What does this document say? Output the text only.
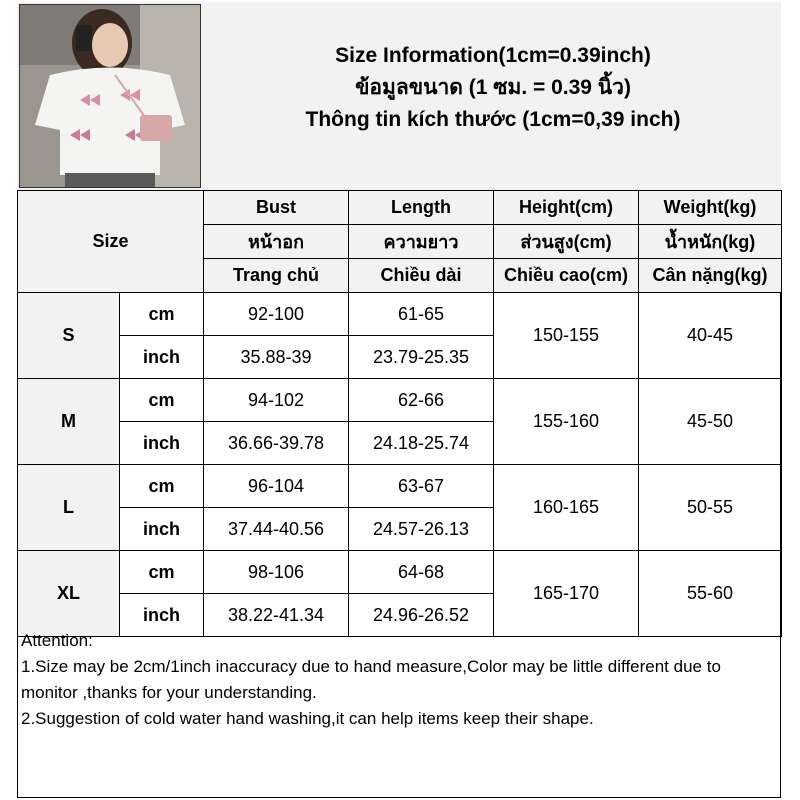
Size Information(1cm=0.39inch)
ข้อมูลขนาด (1 ซม. = 0.39 นิ้ว)
Thông tin kích thước (1cm=0,39 inch)
Size		Bust	Length	Height(cm)	Weight(kg)
		หน้าอก	ความยาว	ส่วนสูง(cm)	น้ำหนัก(kg)
		Trang chủ	Chiều dài	Chiều cao(cm)	Cân nặng(kg)
S	cm	92-100	61-65	150-155	40-45
	inch	35.88-39	23.79-25.35		
M	cm	94-102	62-66	155-160	45-50
	inch	36.66-39.78	24.18-25.74		
L	cm	96-104	63-67	160-165	50-55
	inch	37.44-40.56	24.57-26.13		
XL	cm	98-106	64-68	165-170	55-60
	inch	38.22-41.34	24.96-26.52		
Attention:
1.Size may be 2cm/1inch inaccuracy due to hand measure,Color may be little different due to monitor ,thanks for your understanding.
2.Suggestion of cold water hand washing,it can help items keep their shape.
